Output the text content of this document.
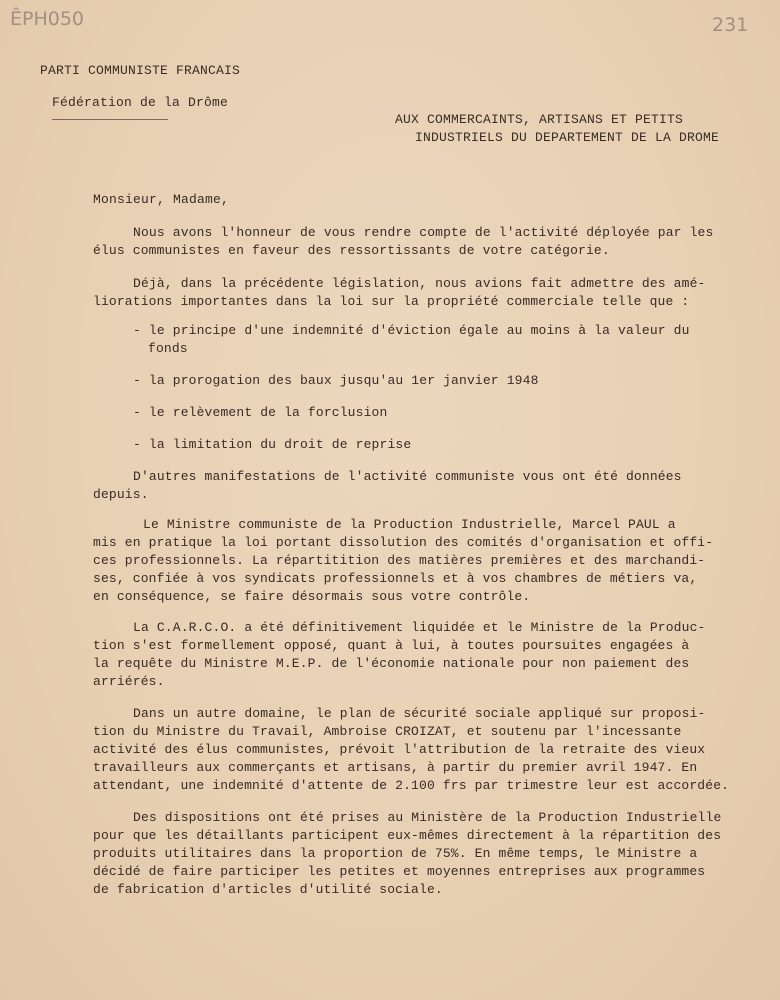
ÊPH050	231
PARTI COMMUNISTE FRANCAIS
Fédération de la Drôme
AUX COMMERCAINTS, ARTISANS ET PETITS
INDUSTRIELS DU DEPARTEMENT DE LA DROME
Monsieur, Madame,
Nous avons l'honneur de vous rendre compte de l'activité déployée par les
élus communistes en faveur des ressortissants de votre catégorie.
Déjà, dans la précédente législation, nous avions fait admettre des amé-
liorations importantes dans la loi sur la propriété commerciale telle que :
- le principe d'une indemnité d'éviction égale au moins à la valeur du
fonds
- la prorogation des baux jusqu'au 1er janvier 1948
- le relèvement de la forclusion
- la limitation du droit de reprise
D'autres manifestations de l'activité communiste vous ont été données
depuis.
Le Ministre communiste de la Production Industrielle, Marcel PAUL a
mis en pratique la loi portant dissolution des comités d'organisation et offi-
ces professionnels. La répartitition des matières premières et des marchandi-
ses, confiée à vos syndicats professionnels et à vos chambres de métiers va,
en conséquence, se faire désormais sous votre contrôle.
La C.A.R.C.O. a été définitivement liquidée et le Ministre de la Produc-
tion s'est formellement opposé, quant à lui, à toutes poursuites engagées à
la requête du Ministre M.E.P. de l'économie nationale pour non paiement des
arriérés.
Dans un autre domaine, le plan de sécurité sociale appliqué sur proposi-
tion du Ministre du Travail, Ambroise CROIZAT, et soutenu par l'incessante
activité des élus communistes, prévoit l'attribution de la retraite des vieux
travailleurs aux commerçants et artisans, à partir du premier avril 1947. En
attendant, une indemnité d'attente de 2.100 frs par trimestre leur est accordée.
Des dispositions ont été prises au Ministère de la Production Industrielle
pour que les détaillants participent eux-mêmes directement à la répartition des
produits utilitaires dans la proportion de 75%. En même temps, le Ministre a
décidé de faire participer les petites et moyennes entreprises aux programmes
de fabrication d'articles d'utilité sociale.
